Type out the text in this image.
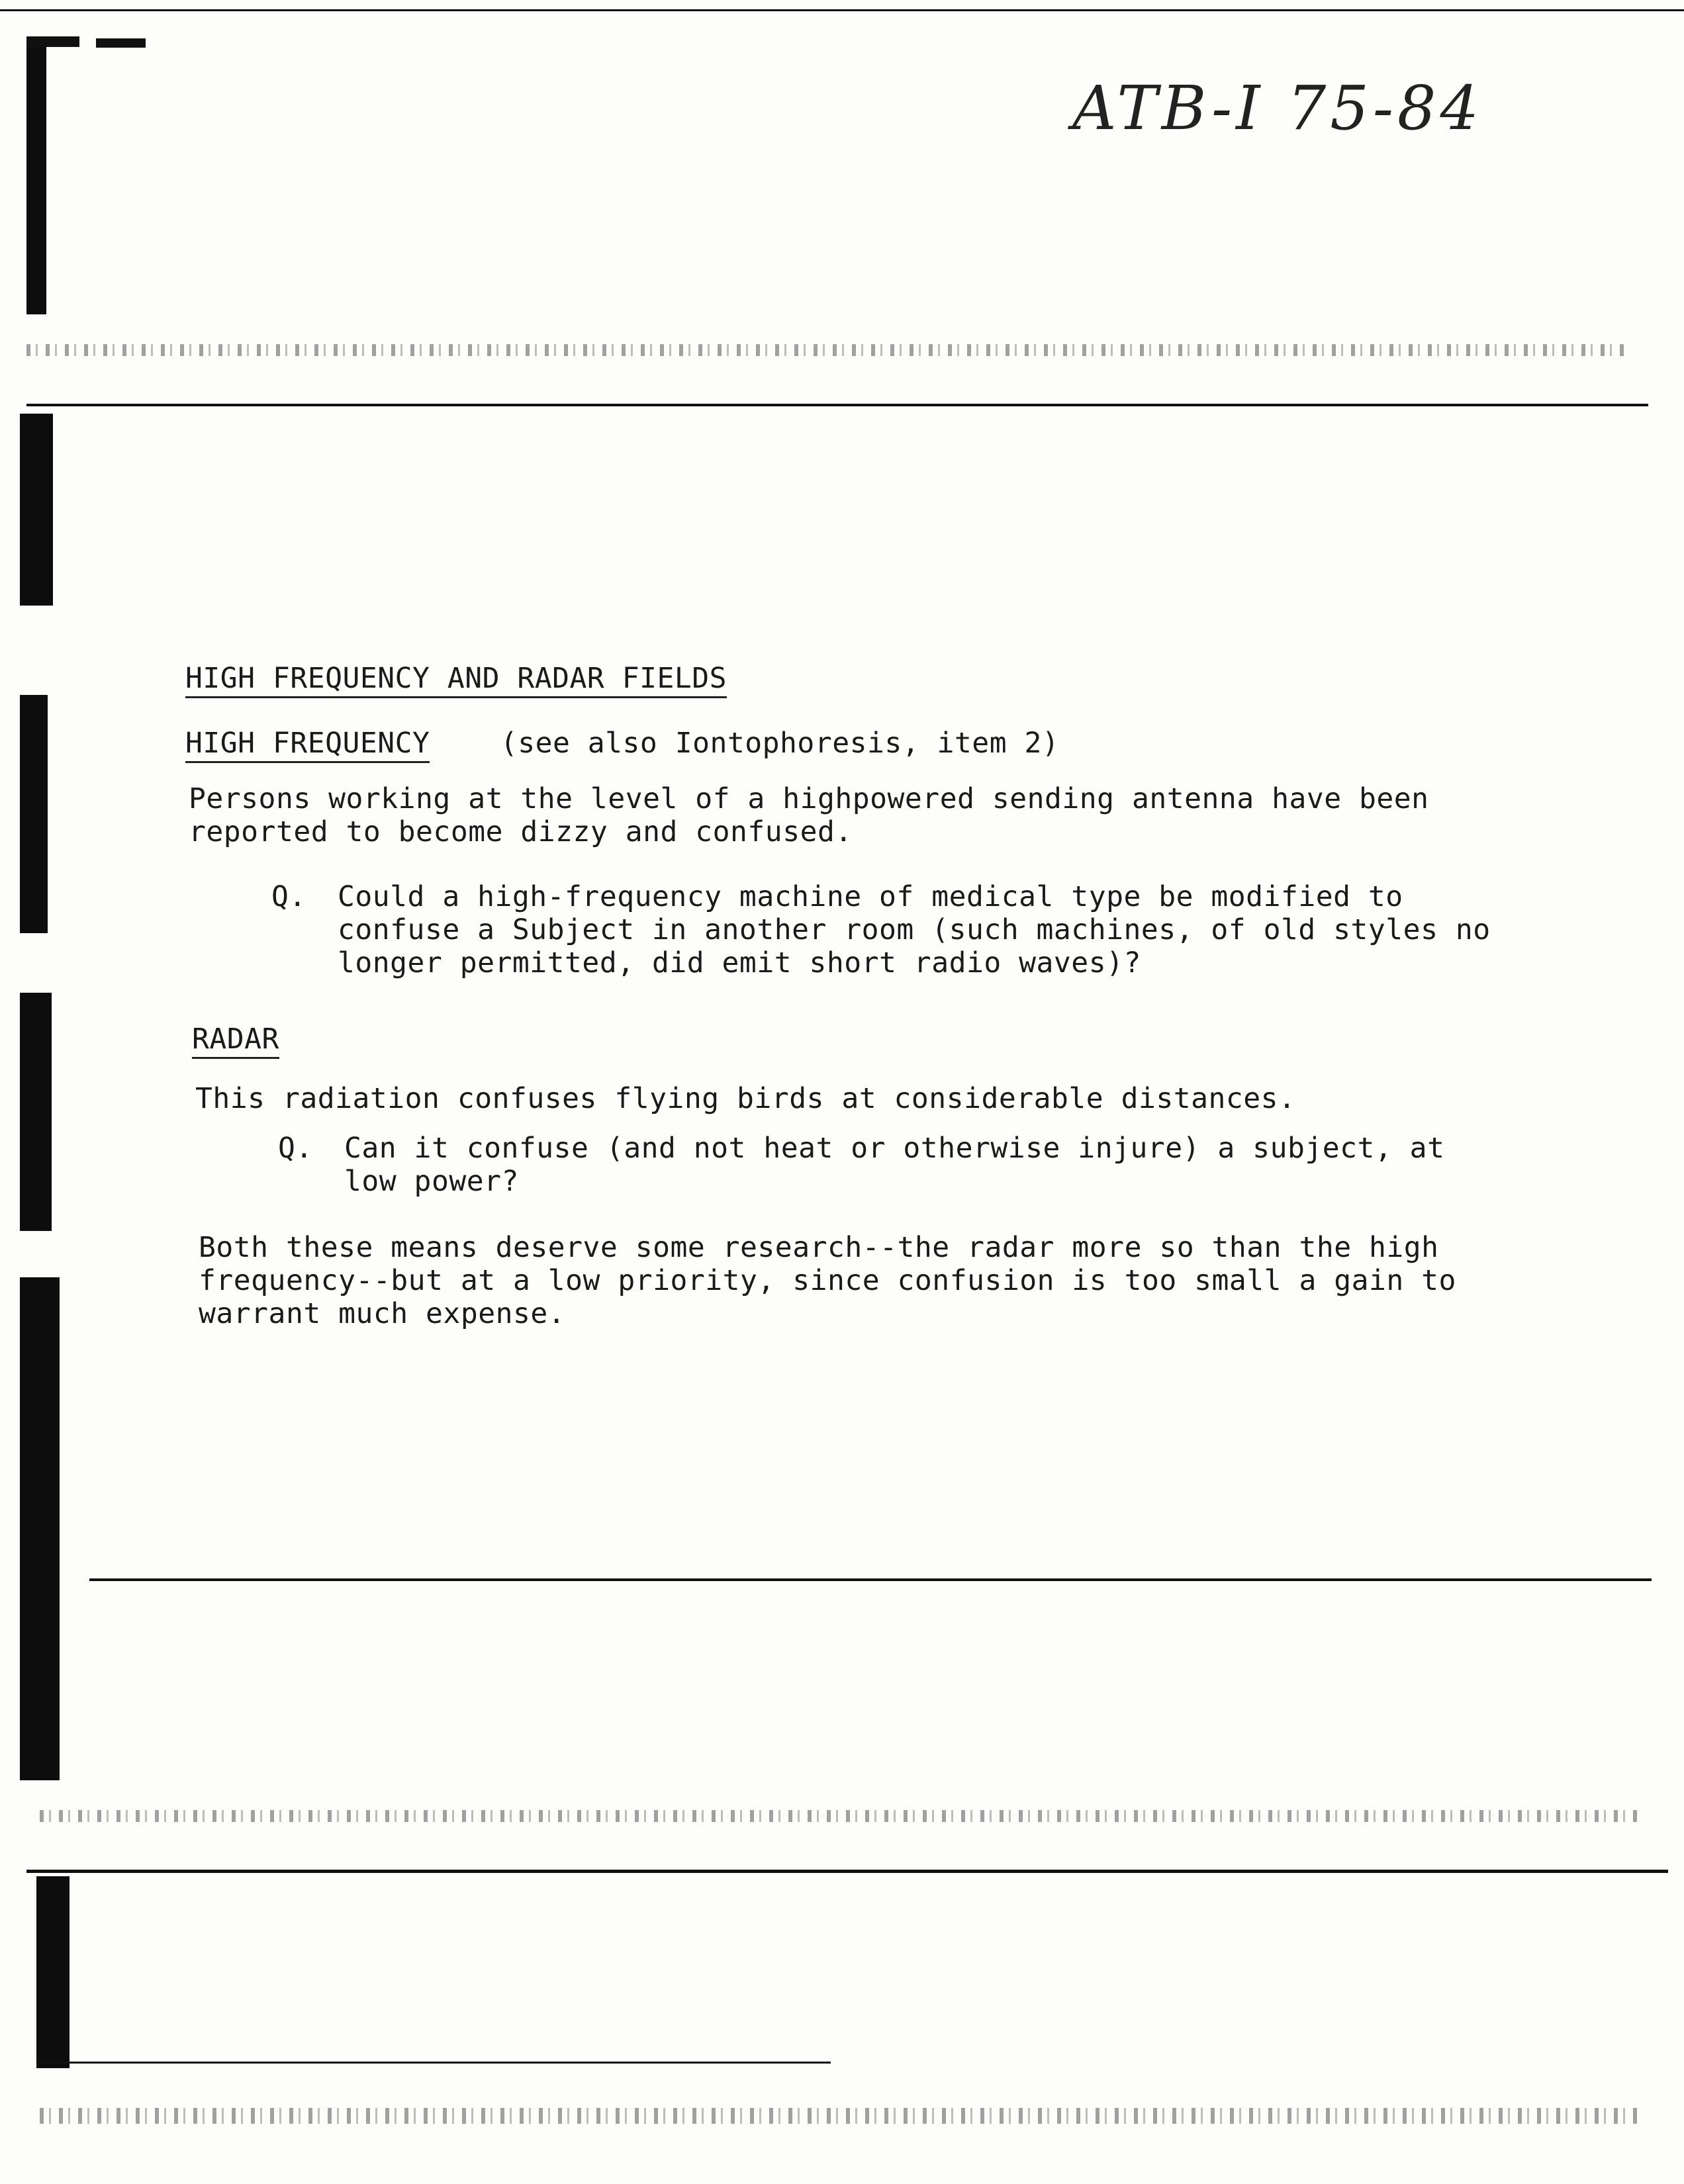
ATB-I 75-84
HIGH FREQUENCY AND RADAR FIELDS
HIGH FREQUENCY (see also Iontophoresis, item 2)

Persons working at the level of a highpowered sending antenna have been reported to become dizzy and confused.

Q.	Could a high-frequency machine of medical type be modified to confuse a Subject in another room (such machines, of old styles no longer permitted, did emit short radio waves)?
RADAR

This radiation confuses flying birds at considerable distances.

Q.	Can it confuse (and not heat or otherwise injure) a subject, at low power?

Both these means deserve some research--the radar more so than the high frequency--but at a low priority, since confusion is too small a gain to warrant much expense.
